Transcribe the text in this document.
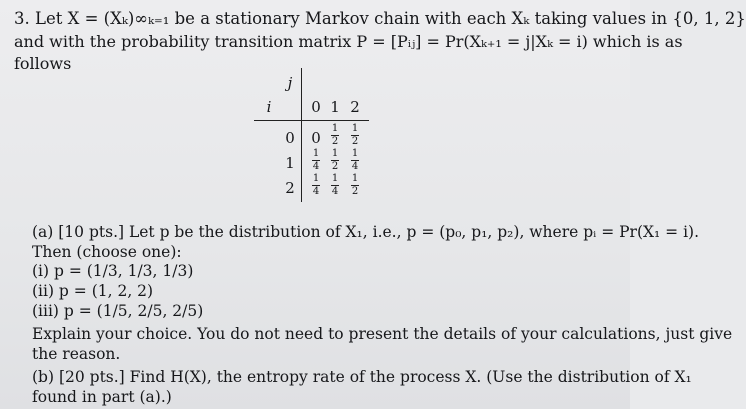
3. Let X = (Xₖ)∞ₖ₌₁ be a stationary Markov chain with each Xₖ taking values in {0, 1, 2}
and with the probability transition matrix P = [Pᵢⱼ] = Pr(Xₖ₊₁ = j|Xₖ = i) which is as
follows
j
i	0 1 2
0
1
2
0
1
2
1
2
1
4
1
2
1
4
1
4
1
4
1
2
(a) [10 pts.] Let p be the distribution of X₁, i.e., p = (p₀, p₁, p₂), where pᵢ = Pr(X₁ = i).
Then (choose one):
(i) p = (1/3, 1/3, 1/3)
(ii) p = (1, 2, 2)
(iii) p = (1/5, 2/5, 2/5)
Explain your choice. You do not need to present the details of your calculations, just give
the reason.
(b) [20 pts.] Find H(X), the entropy rate of the process X. (Use the distribution of X₁
found in part (a).)
